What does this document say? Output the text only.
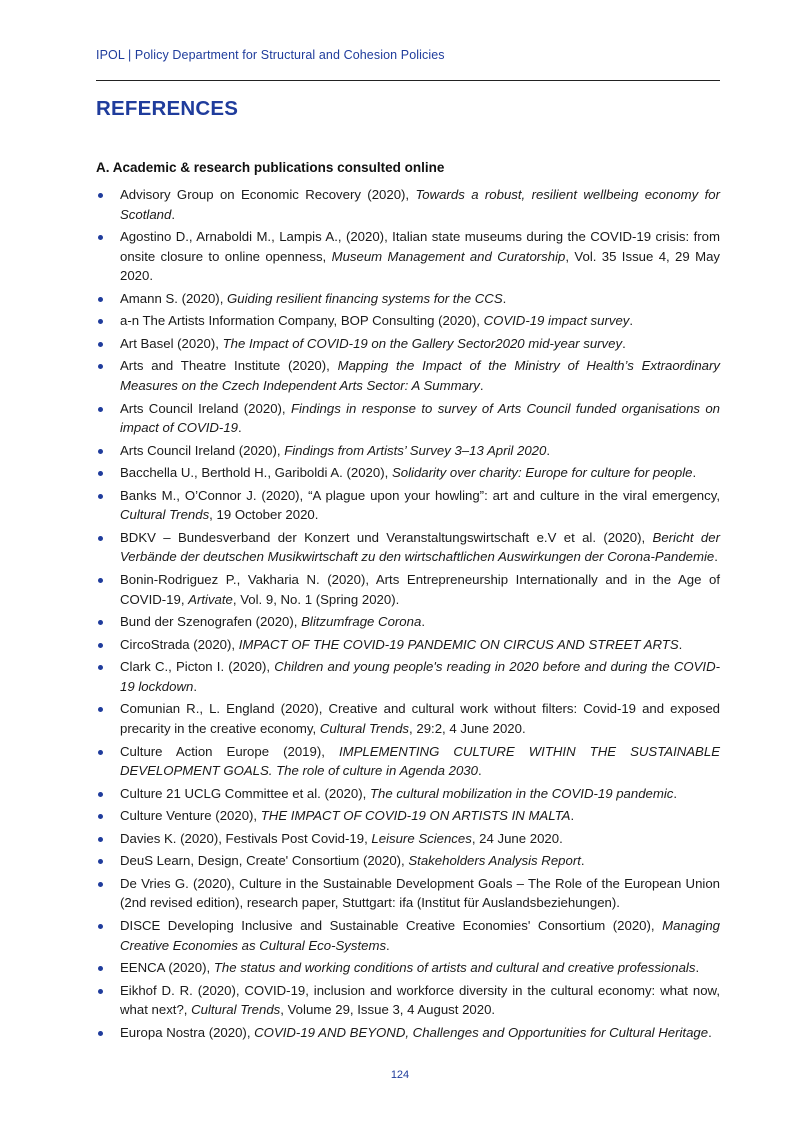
IPOL | Policy Department for Structural and Cohesion Policies
REFERENCES
A. Academic & research publications consulted online
Advisory Group on Economic Recovery (2020), Towards a robust, resilient wellbeing economy for Scotland.
Agostino D., Arnaboldi M., Lampis A., (2020), Italian state museums during the COVID-19 crisis: from onsite closure to online openness, Museum Management and Curatorship, Vol. 35 Issue 4, 29 May 2020.
Amann S. (2020), Guiding resilient financing systems for the CCS.
a-n The Artists Information Company, BOP Consulting (2020), COVID-19 impact survey.
Art Basel (2020), The Impact of COVID-19 on the Gallery Sector2020 mid-year survey.
Arts and Theatre Institute (2020), Mapping the Impact of the Ministry of Health’s Extraordinary Measures on the Czech Independent Arts Sector: A Summary.
Arts Council Ireland (2020), Findings in response to survey of Arts Council funded organisations on impact of COVID-19.
Arts Council Ireland (2020), Findings from Artists’ Survey 3–13 April 2020.
Bacchella U., Berthold H., Gariboldi A. (2020), Solidarity over charity: Europe for culture for people.
Banks M., O’Connor J. (2020), “A plague upon your howling”: art and culture in the viral emergency, Cultural Trends, 19 October 2020.
BDKV – Bundesverband der Konzert und Veranstaltungswirtschaft e.V et al. (2020), Bericht der Verbände der deutschen Musikwirtschaft zu den wirtschaftlichen Auswirkungen der Corona-Pandemie.
Bonin-Rodriguez P., Vakharia N. (2020), Arts Entrepreneurship Internationally and in the Age of COVID-19, Artivate, Vol. 9, No. 1 (Spring 2020).
Bund der Szenografen (2020), Blitzumfrage Corona.
CircoStrada (2020), IMPACT OF THE COVID-19 PANDEMIC ON CIRCUS AND STREET ARTS.
Clark C., Picton I. (2020), Children and young people's reading in 2020 before and during the COVID-19 lockdown.
Comunian R., L. England (2020), Creative and cultural work without filters: Covid-19 and exposed precarity in the creative economy, Cultural Trends, 29:2, 4 June 2020.
Culture Action Europe (2019), IMPLEMENTING CULTURE WITHIN THE SUSTAINABLE DEVELOPMENT GOALS. The role of culture in Agenda 2030.
Culture 21 UCLG Committee et al. (2020), The cultural mobilization in the COVID-19 pandemic.
Culture Venture (2020), THE IMPACT OF COVID-19 ON ARTISTS IN MALTA.
Davies K. (2020), Festivals Post Covid-19, Leisure Sciences, 24 June 2020.
DeuS Learn, Design, Create' Consortium (2020), Stakeholders Analysis Report.
De Vries G. (2020), Culture in the Sustainable Development Goals – The Role of the European Union (2nd revised edition), research paper, Stuttgart: ifa (Institut für Auslandsbeziehungen).
DISCE Developing Inclusive and Sustainable Creative Economies' Consortium (2020), Managing Creative Economies as Cultural Eco-Systems.
EENCA (2020), The status and working conditions of artists and cultural and creative professionals.
Eikhof D. R. (2020), COVID-19, inclusion and workforce diversity in the cultural economy: what now, what next?, Cultural Trends, Volume 29, Issue 3, 4 August 2020.
Europa Nostra (2020), COVID-19 AND BEYOND, Challenges and Opportunities for Cultural Heritage.
124
